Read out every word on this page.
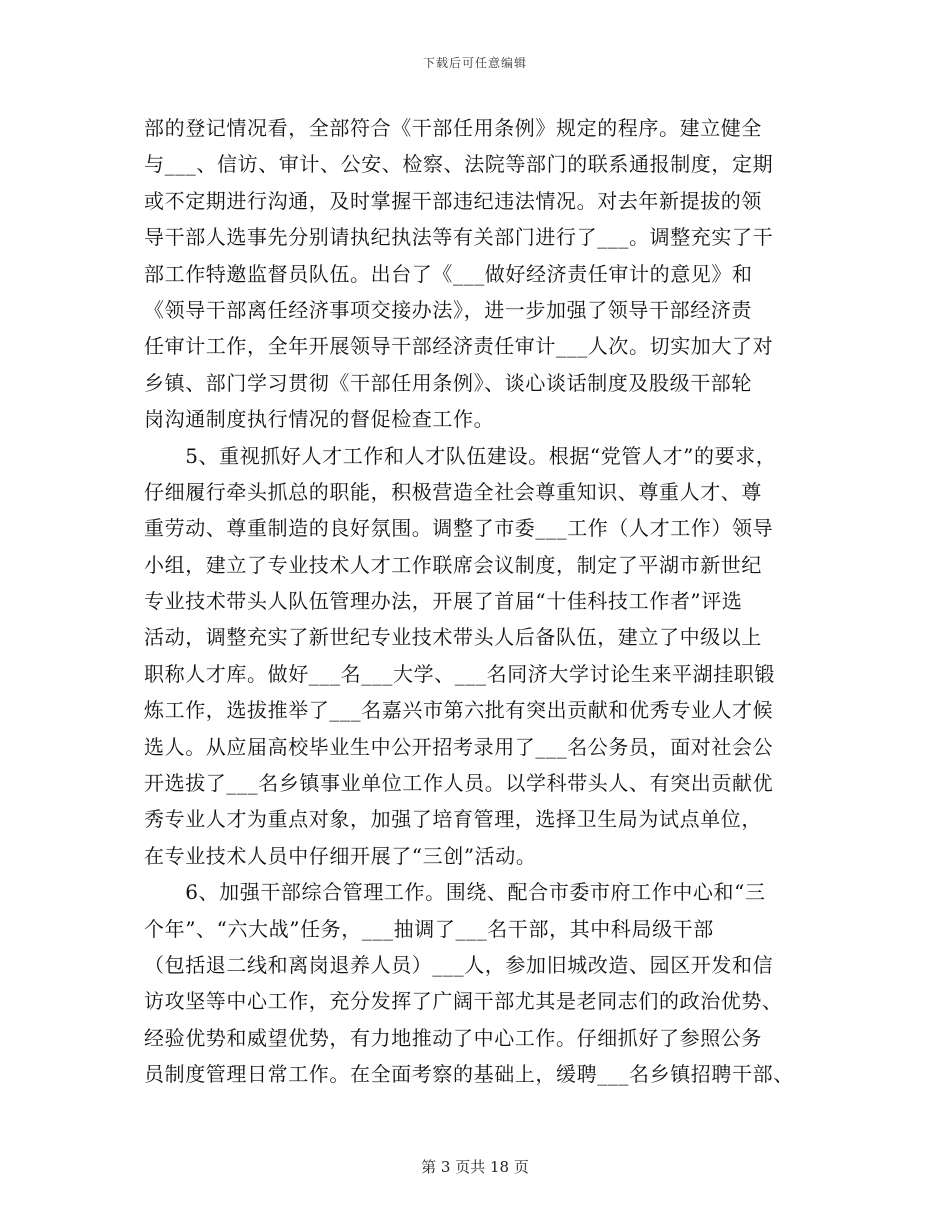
下载后可任意编辑
部的登记情况看，全部符合《干部任用条例》规定的程序。建立健全
与___、信访、审计、公安、检察、法院等部门的联系通报制度，定期
或不定期进行沟通，及时掌握干部违纪违法情况。对去年新提拔的领
导干部人选事先分别请执纪执法等有关部门进行了___。调整充实了干
部工作特邀监督员队伍。出台了《___做好经济责任审计的意见》和
《领导干部离任经济事项交接办法》，进一步加强了领导干部经济责
任审计工作，全年开展领导干部经济责任审计___人次。切实加大了对
乡镇、部门学习贯彻《干部任用条例》、谈心谈话制度及股级干部轮
岗沟通制度执行情况的督促检查工作。
　　5、重视抓好人才工作和人才队伍建设。根据“党管人才”的要求，
仔细履行牵头抓总的职能，积极营造全社会尊重知识、尊重人才、尊
重劳动、尊重制造的良好氛围。调整了市委___工作（人才工作）领导
小组，建立了专业技术人才工作联席会议制度，制定了平湖市新世纪
专业技术带头人队伍管理办法，开展了首届“十佳科技工作者”评选
活动，调整充实了新世纪专业技术带头人后备队伍，建立了中级以上
职称人才库。做好___名___大学、___名同济大学讨论生来平湖挂职锻
炼工作，选拔推举了___名嘉兴市第六批有突出贡献和优秀专业人才候
选人。从应届高校毕业生中公开招考录用了___名公务员，面对社会公
开选拔了___名乡镇事业单位工作人员。以学科带头人、有突出贡献优
秀专业人才为重点对象，加强了培育管理，选择卫生局为试点单位，
在专业技术人员中仔细开展了“三创”活动。
　　6、加强干部综合管理工作。围绕、配合市委市府工作中心和“三
个年”、“六大战”任务，___抽调了___名干部，其中科局级干部
（包括退二线和离岗退养人员）___人，参加旧城改造、园区开发和信
访攻坚等中心工作，充分发挥了广阔干部尤其是老同志们的政治优势、
经验优势和威望优势，有力地推动了中心工作。仔细抓好了参照公务
员制度管理日常工作。在全面考察的基础上，缓聘___名乡镇招聘干部、
第 3 页共 18 页
